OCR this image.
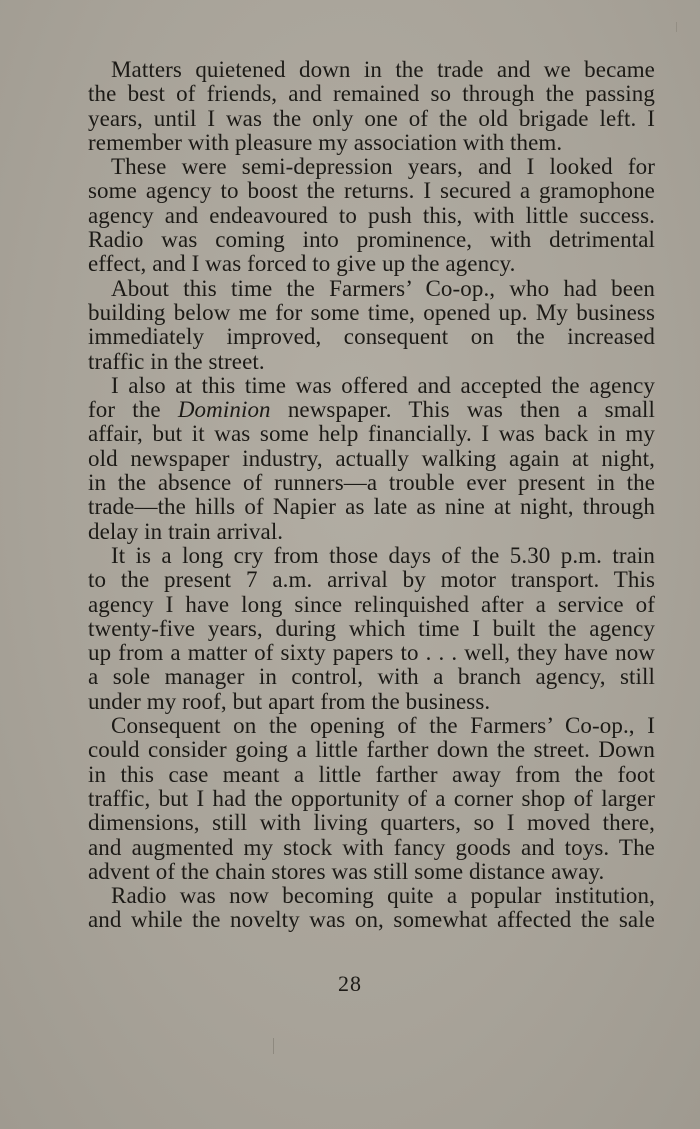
Matters quietened down in the trade and we became
the best of friends, and remained so through the passing
years, until I was the only one of the old brigade left. I
remember with pleasure my association with them.
These were semi-depression years, and I looked for
some agency to boost the returns. I secured a gramophone
agency and endeavoured to push this, with little success.
Radio was coming into prominence, with detrimental
effect, and I was forced to give up the agency.
About this time the Farmers’ Co-op., who had been
building below me for some time, opened up. My business
immediately improved, consequent on the increased
traffic in the street.
I also at this time was offered and accepted the agency
for the Dominion newspaper. This was then a small
affair, but it was some help financially. I was back in my
old newspaper industry, actually walking again at night,
in the absence of runners—a trouble ever present in the
trade—the hills of Napier as late as nine at night, through
delay in train arrival.
It is a long cry from those days of the 5.30 p.m. train
to the present 7 a.m. arrival by motor transport. This
agency I have long since relinquished after a service of
twenty-five years, during which time I built the agency
up from a matter of sixty papers to . . . well, they have now
a sole manager in control, with a branch agency, still
under my roof, but apart from the business.
Consequent on the opening of the Farmers’ Co-op., I
could consider going a little farther down the street. Down
in this case meant a little farther away from the foot
traffic, but I had the opportunity of a corner shop of larger
dimensions, still with living quarters, so I moved there,
and augmented my stock with fancy goods and toys. The
advent of the chain stores was still some distance away.
Radio was now becoming quite a popular institution,
and while the novelty was on, somewhat affected the sale
28
